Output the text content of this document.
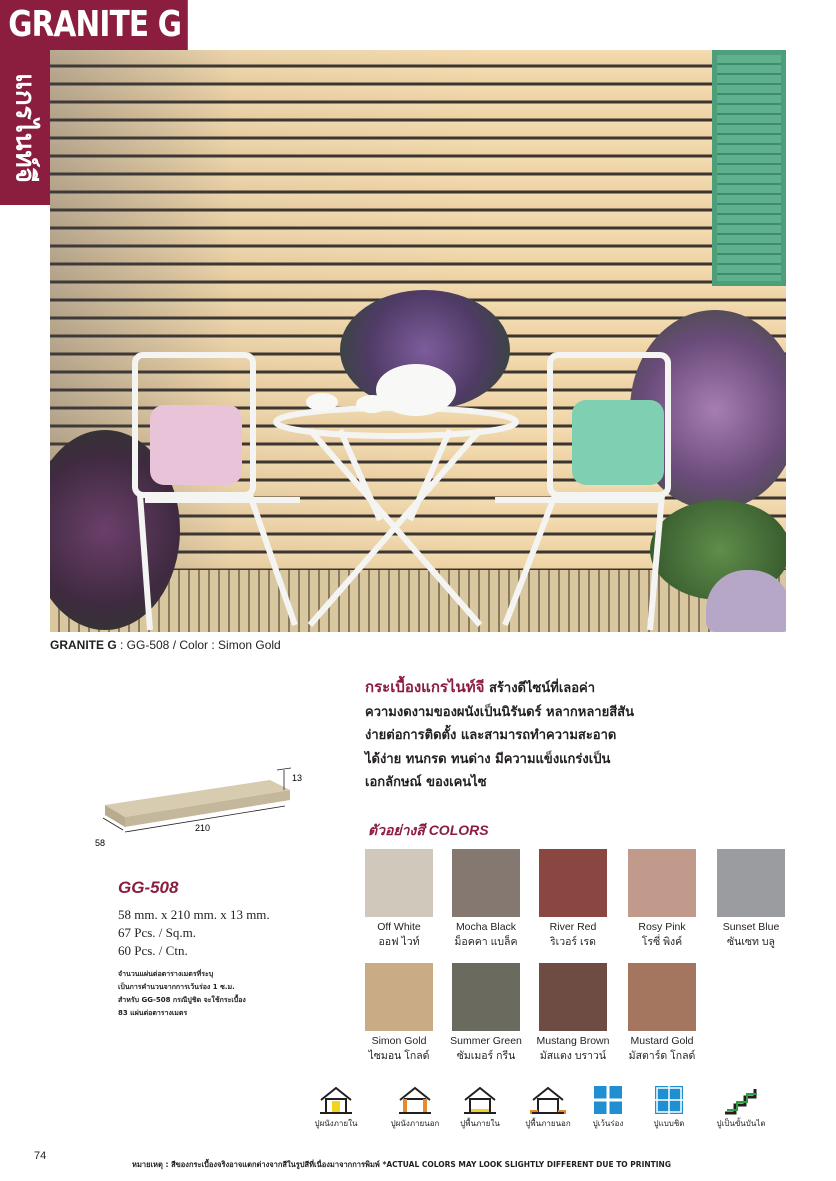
GRANITE G
แกรไนท์จี
GRANITE G : GG-508 / Color : Simon Gold
กระเบื้องแกรไนท์จี สร้างดีไซน์ที่เลอค่า
ความงดงามของผนังเป็นนิรันดร์ หลากหลายสีสัน
ง่ายต่อการติดตั้ง และสามารถทำความสะอาด
ได้ง่าย ทนกรด ทนด่าง มีความแข็งแกร่งเป็น
เอกลักษณ์ ของเคนไซ
210
58
13
GG-508
58 mm. x 210 mm. x 13 mm.
67 Pcs. / Sq.m.
60 Pcs. / Ctn.
จำนวนแผ่นต่อตารางเมตรที่ระบุ
เป็นการคำนวนจากการเว้นร่อง 1 ซ.ม.
สำหรับ GG-508 กรณีปูชิด จะใช้กระเบื้อง
83 แผ่นต่อตารางเมตร
ตัวอย่างสี COLORS
Off White
ออฟ ไวท์
Mocha Black
ม็อคคา แบล็ค
River Red
ริเวอร์ เรด
Rosy Pink
โรซี่ พิงค์
Sunset Blue
ซันเซท บลู
Simon Gold
ไซมอน โกลด์
Summer Green
ซัมเมอร์ กรีน
Mustang Brown
มัสแตง บราวน์
Mustard Gold
มัสตาร์ด โกลด์
ปูผนังภายใน	ปูผนังภายนอก	ปูพื้นภายใน	ปูพื้นภายนอก	ปูเว้นร่อง	ปูแบบชิด	ปูเป็นขั้นบันได
74
หมายเหตุ : สีของกระเบื้องจริงอาจแตกต่างจากสีในรูปสีที่เนื่องมาจากการพิมพ์ *ACTUAL COLORS MAY LOOK SLIGHTLY DIFFERENT DUE TO PRINTING
